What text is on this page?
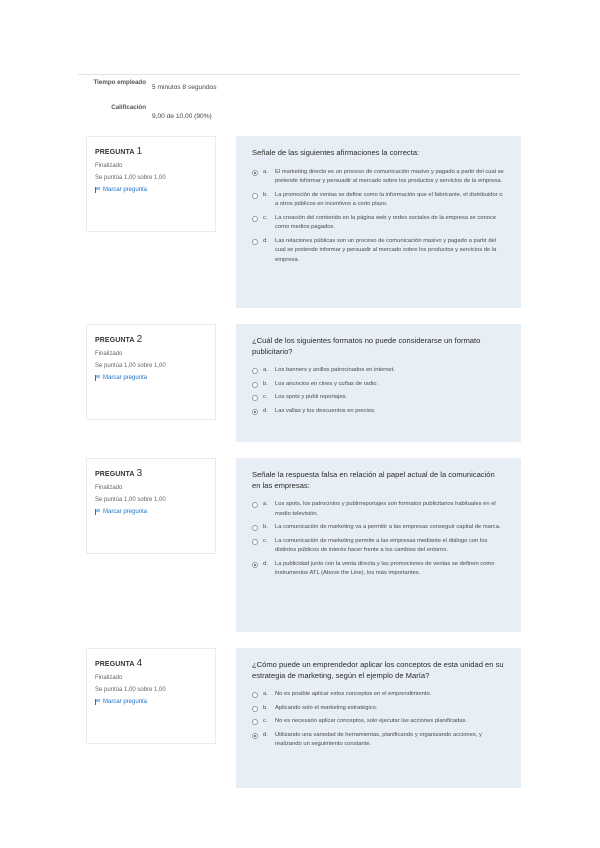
Tiempo empleado
5 minutos 8 segundos
Calificación
9,00 de 10,00 (90%)
PREGUNTA 1
Finalizado
Se puntúa 1,00 sobre 1,00
Marcar pregunta
Señale de las siguientes afirmaciones la correcta:
a.	El marketing directo es un proceso de comunicación masivo y pagado a partir del cual se pretende informar y persuadir al mercado sobre los productos y servicios de la empresa.
b.	La promoción de ventas se define como la información que el fabricante, el distribuidor o a otros públicos en incentivos a corto plazo.
c.	La creación del contenido en la página web y redes sociales de la empresa se conoce como medios pagados.
d.	Las relaciones públicas son un proceso de comunicación masivo y pagado a partir del cual se pretende informar y persuadir al mercado sobre los productos y servicios de la empresa.
PREGUNTA 2
Finalizado
Se puntúa 1,00 sobre 1,00
Marcar pregunta
¿Cuál de los siguientes formatos no puede considerarse un formato publicitario?
a.	Los banners y anillos patrocinados en internet.
b.	Los anuncios en cines y cuñas de radio.
c.	Los spots y publi reportajes.
d.	Las vallas y los descuentos en precios.
PREGUNTA 3
Finalizado
Se puntúa 1,00 sobre 1,00
Marcar pregunta
Señale la respuesta falsa en relación al papel actual de la comunicación en las empresas:
a.	Los spots, los patrocinios y publirreportajes son formatos publicitarios habituales en el medio televisión.
b.	La comunicación de marketing va a permitir a las empresas conseguir capital de marca.
c.	La comunicación de marketing permite a las empresas mediante el diálogo con los distintos públicos de interés hacer frente a los cambios del entorno.
d.	La publicidad junto con la venta directa y las promociones de ventas se definen como instrumentos ATL (Above the Line), los más importantes.
PREGUNTA 4
Finalizado
Se puntúa 1,00 sobre 1,00
Marcar pregunta
¿Cómo puede un emprendedor aplicar los conceptos de esta unidad en su estrategia de marketing, según el ejemplo de María?
a.	No es posible aplicar estos conceptos en el emprendimiento.
b.	Aplicando solo el marketing estratégico.
c.	No es necesario aplicar conceptos, solo ejecutar las acciones planificadas.
d.	Utilizando una variedad de herramientas, planificando y organizando acciones, y realizando un seguimiento constante.
